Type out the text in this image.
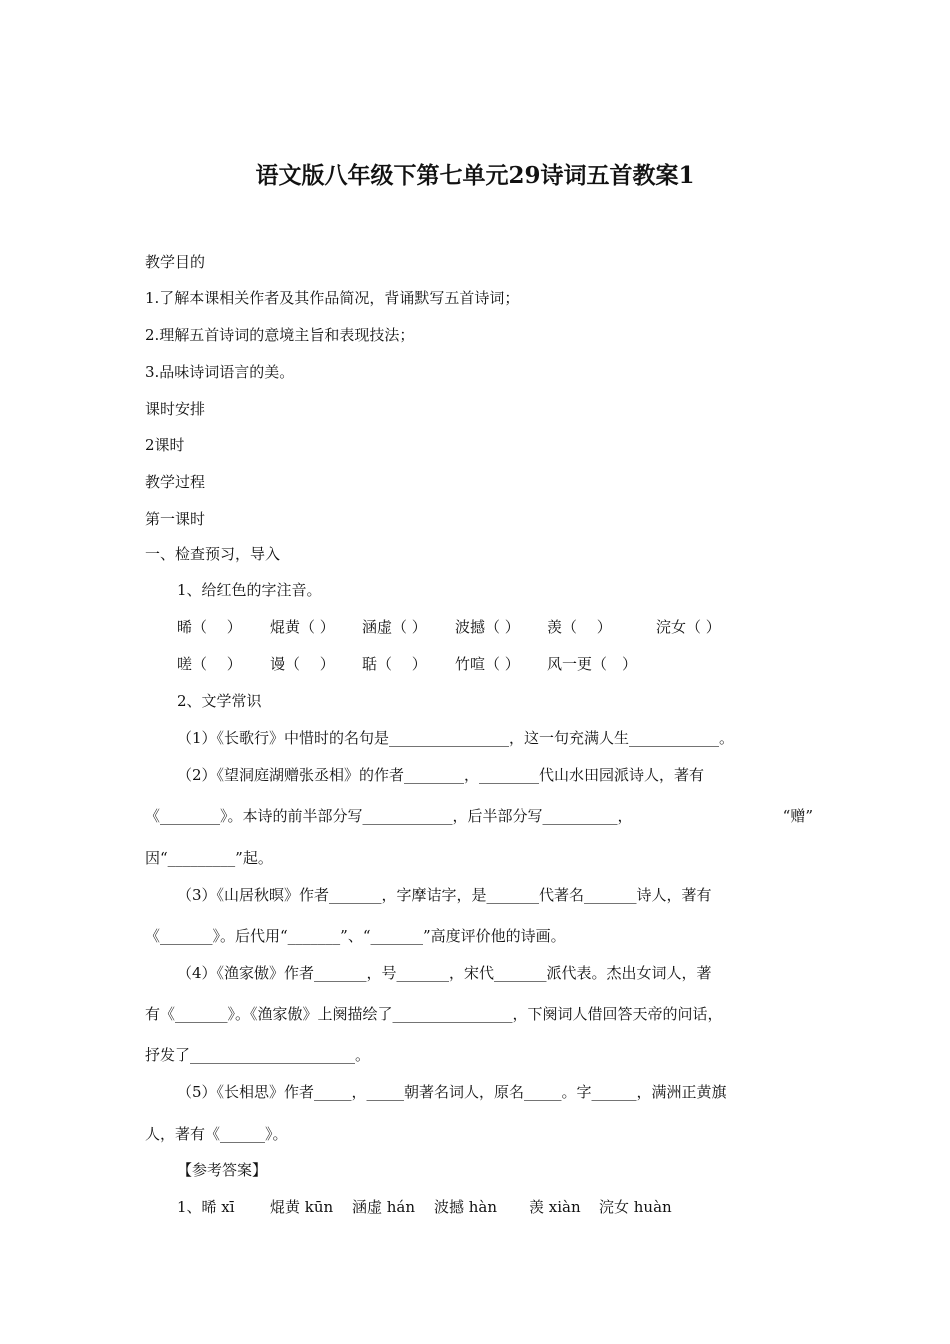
语文版八年级下第七单元29诗词五首教案1
教学目的
1.了解本课相关作者及其作品简况，背诵默写五首诗词；
2.理解五首诗词的意境主旨和表现技法；
3.品味诗词语言的美。
课时安排
2课时
教学过程
第一课时
一、检查预习，导入
1、给红色的字注音。
晞（　 ） 焜黄（ ） 涵虚（ ） 波撼（ ） 羡（　 ）	浣女（ ）
嗟（　 ） 谩（　 ） 聒（　 ） 竹喧（ ） 风一更（　）
2、文学常识
（1）《长歌行》中惜时的名句是________________，这一句充满人生____________。
（2）《望洞庭湖赠张丞相》的作者________，________代山水田园派诗人，著有
《________》。本诗的前半部分写____________，后半部分写__________，	“赠”
因“_________”起。
（3）《山居秋暝》作者_______，字摩诘字，是_______代著名_______诗人，著有
《_______》。后代用“_______”、“_______”高度评价他的诗画。
（4）《渔家傲》作者_______，号_______，宋代_______派代表。杰出女词人，著
有《_______》。《渔家傲》上阕描绘了________________，下阕词人借回答天帝的问话，
抒发了______________________。
（5）《长相思》作者_____，_____朝著名词人，原名_____。字______，满洲正黄旗
人，著有《______》。
【参考答案】
1、晞 xī 焜黄 kūn 涵虚 hán 波撼 hàn 羡 xiàn 浣女 huàn
